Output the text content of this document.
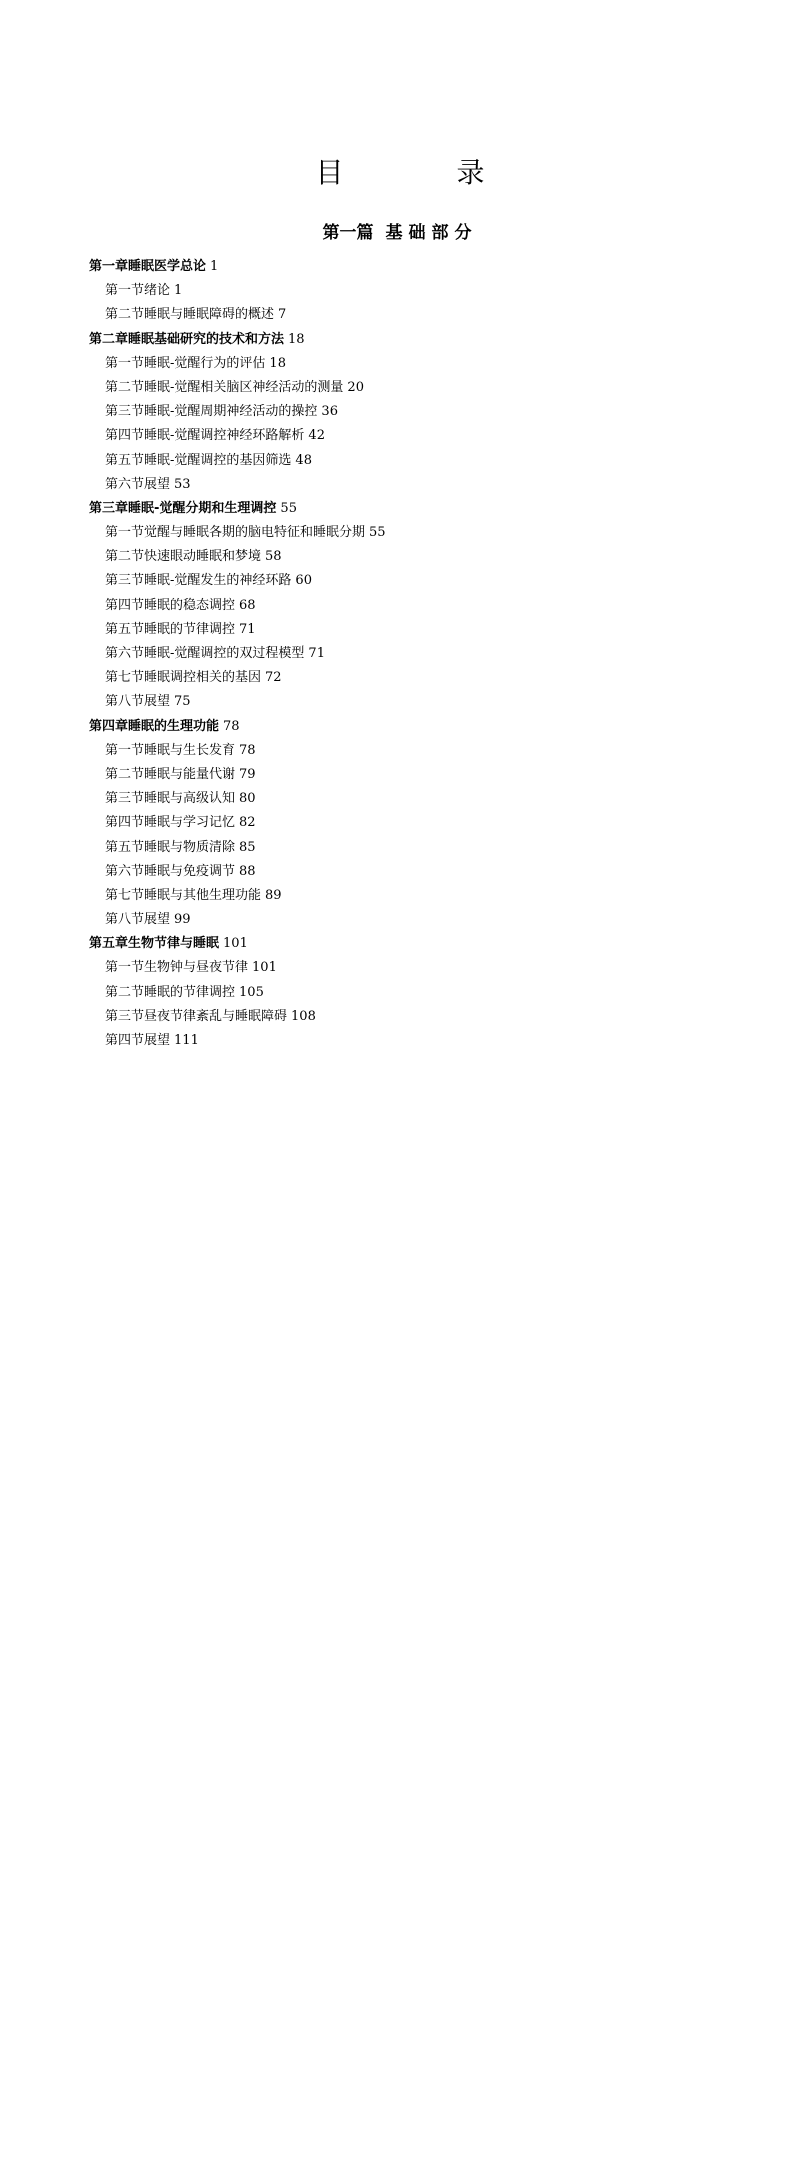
目 录
第一篇 基础部分
第一章 睡眠医学总论 1
第一节 绪论 1
第二节 睡眠与睡眠障碍的概述 7
第二章 睡眠基础研究的技术和方法 18
第一节 睡眠-觉醒行为的评估 18
第二节 睡眠-觉醒相关脑区神经活动的测量 20
第三节 睡眠-觉醒周期神经活动的操控 36
第四节 睡眠-觉醒调控神经环路解析 42
第五节 睡眠-觉醒调控的基因筛选 48
第六节 展望 53
第三章 睡眠-觉醒分期和生理调控 55
第一节 觉醒与睡眠各期的脑电特征和睡眠分期 55
第二节 快速眼动睡眠和梦境 58
第三节 睡眠-觉醒发生的神经环路 60
第四节 睡眠的稳态调控 68
第五节 睡眠的节律调控 71
第六节 睡眠-觉醒调控的双过程模型 71
第七节 睡眠调控相关的基因 72
第八节 展望 75
第四章 睡眠的生理功能 78
第一节 睡眠与生长发育 78
第二节 睡眠与能量代谢 79
第三节 睡眠与高级认知 80
第四节 睡眠与学习记忆 82
第五节 睡眠与物质清除 85
第六节 睡眠与免疫调节 88
第七节 睡眠与其他生理功能 89
第八节 展望 99
第五章 生物节律与睡眠 101
第一节 生物钟与昼夜节律 101
第二节 睡眠的节律调控 105
第三节 昼夜节律紊乱与睡眠障碍 108
第四节 展望 111
